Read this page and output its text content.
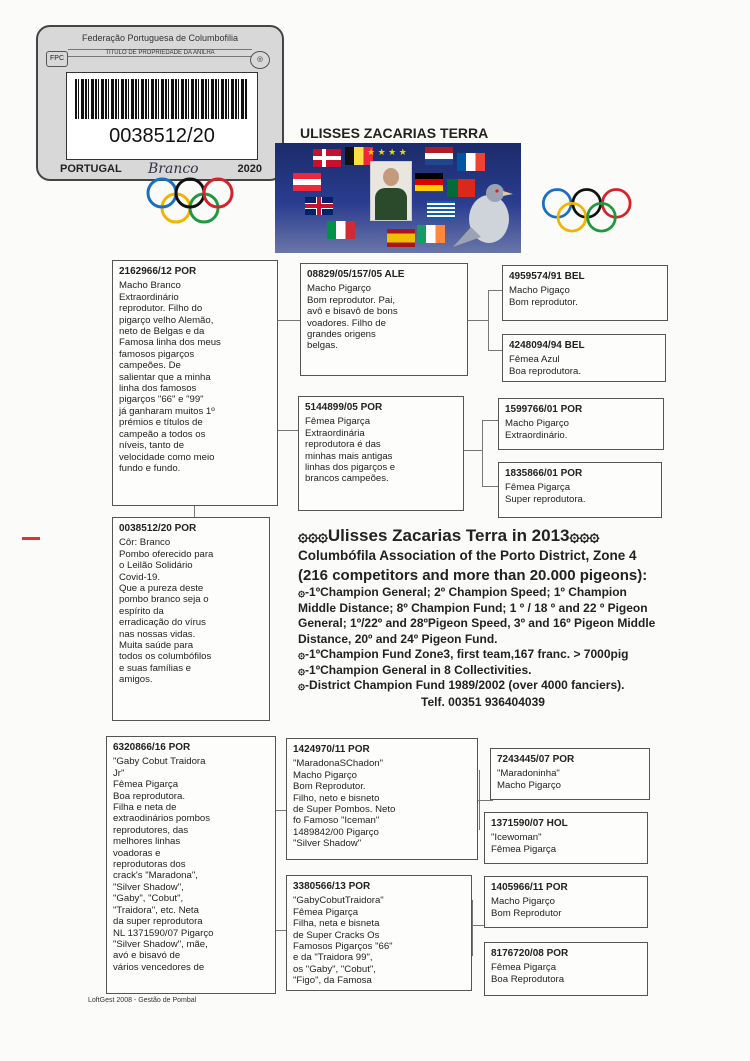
Federação Portuguesa de Columbofilia
FPC
TITULO DE PROPRIEDADE DA ANILHA
◎
0038512/20
PORTUGAL Branco	2020
ULISSES ZACARIAS TERRA
★ ★ ★ ★
2162966/12 POR
Macho Branco
Extraordinário
reprodutor. Filho do
pigarço velho Alemão,
neto de Belgas e da
Famosa linha dos meus
famosos pigarços
campeões. De
salientar que a minha
linha dos famosos
pigarços "66" e "99"
já ganharam muitos 1º
prémios e títulos de
campeão a todos os
níveis, tanto de
velocidade como meio
fundo e fundo.
08829/05/157/05 ALE
Macho Pigarço
Bom reprodutor. Pai,
avô e bisavô de bons
voadores. Filho de
grandes origens
belgas.
5144899/05 POR
Fêmea Pigarça
Extraordinária
reprodutora é das
minhas mais antigas
linhas dos pigarços e
brancos campeões.
4959574/91 BEL
Macho Pigaço
Bom reprodutor.
4248094/94 BEL
Fêmea Azul
Boa reprodutora.
1599766/01 POR
Macho Pigarço
Extraordinário.
1835866/01 POR
Fêmea Pigarça
Super reprodutora.
0038512/20 POR
Côr: Branco
Pombo oferecido para
o Leilão Solidário
Covid-19.
Que a pureza deste
pombo branco seja o
espírito da
erradicação do vírus
nas nossas vidas.
Muita saúde para
todos os columbófilos
e suas famílias e
amigos.
6320866/16 POR
"Gaby Cobut Traidora
Jr"
Fêmea Pigarça
Boa reprodutora.
Filha e neta de
extraodinários pombos
reprodutores, das
melhores linhas
voadoras e
reprodutoras dos
crack's "Maradona",
"Silver Shadow",
"Gaby", "Cobut",
"Traidora", etc. Neta
da super reprodutora
NL 1371590/07 Pigarço
"Silver Shadow", mãe,
avó e bisavó de
vários vencedores de
1424970/11 POR
"MaradonaSChadon"
Macho Pigarço
Bom Reprodutor.
Filho, neto e bisneto
de Super Pombos. Neto
fo Famoso "Iceman"
1489842/00 Pigarço
"Silver Shadow"
3380566/13 POR
"GabyCobutTraidora"
Fêmea Pigarça
Filha, neta e bisneta
de Super Cracks Os
Famosos Pigarços "66"
e da "Traidora 99",
os "Gaby", "Cobut",
"Figo", da Famosa
7243445/07 POR
"Maradoninha"
Macho Pigarço
1371590/07 HOL
"Icewoman"
Fêmea Pigarça
1405966/11 POR
Macho Pigarço
Bom Reprodutor
8176720/08 POR
Fêmea Pigarça
Boa Reprodutora
۞۞۞Ulisses Zacarias Terra in 2013۞۞۞
Columbófila Association of the Porto District, Zone 4
(216 competitors and more than 20.000 pigeons):
۞-1ºChampion General; 2º Champion Speed; 1º Champion Middle Distance; 8º Champion Fund; 1 º / 18 º and 22 º Pigeon General; 1º/22º and 28ºPigeon Speed, 3º and 16º Pigeon Middle Distance, 20º and 24º Pigeon Fund.
۞-1ºChampion Fund Zone3, first team,167 franc. > 7000pig
۞-1ºChampion General in 8 Collectivities.
۞-District Champion Fund 1989/2002 (over 4000 fanciers).
Telf. 00351 936404039
LoftGest 2008 - Gestão de Pombal
